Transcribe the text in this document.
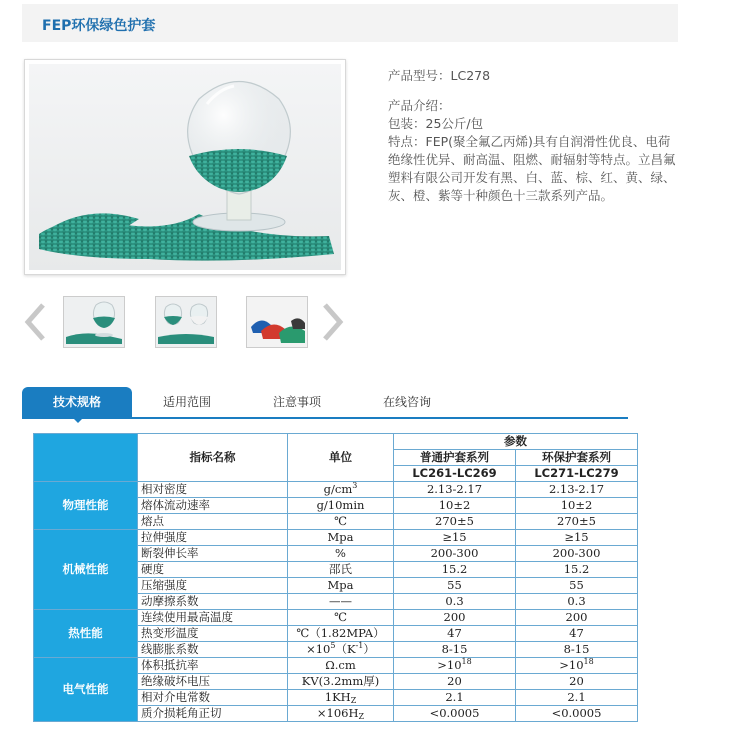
FEP环保绿色护套

产品型号：LC278

产品介绍：

包装：25公斤/包

特点：FEP(聚全氟乙丙烯)具有自润滑性优良、电荷绝缘性优异、耐高温、阻燃、耐辐射等特点。立昌氟塑料有限公司开发有黑、白、蓝、棕、红、黄、绿、灰、橙、紫等十种颜色十三款系列产品。

技术规格	适用范围	注意事项	在线咨询
	指标名称	单位	参数	
			普通护套系列	环保护套系列
			LC261-LC269	LC271-LC279
物理性能	相对密度	$g/cm^3$	2.13-2.17	2.13-2.17
	熔体流动速率	g/10min	10±2	10±2
	熔点	℃	270±5	270±5
机械性能	拉伸强度	Mpa	≥15	≥15
	断裂伸长率	%	200-300	200-300
	硬度	邵氏	15.2	15.2
	压缩强度	Mpa	55	55
	动摩擦系数	——	0.3	0.3
热性能	连续使用最高温度	℃	200	200
	热变形温度	℃（1.82MPA）	47	47
	线膨胀系数	$\times 10^5(K^{-1})$	8-15	8-15
电气性能	体积抵抗率	Ω.cm	$>10^{18}$	$>10^{18}$
	绝缘破坏电压	KV(3.2mm厚)	20	20
	相对介电常数	$1KH_Z$	2.1	2.1
	质介损耗角正切	$\times 106H_Z$	<0.0005	<0.0005
